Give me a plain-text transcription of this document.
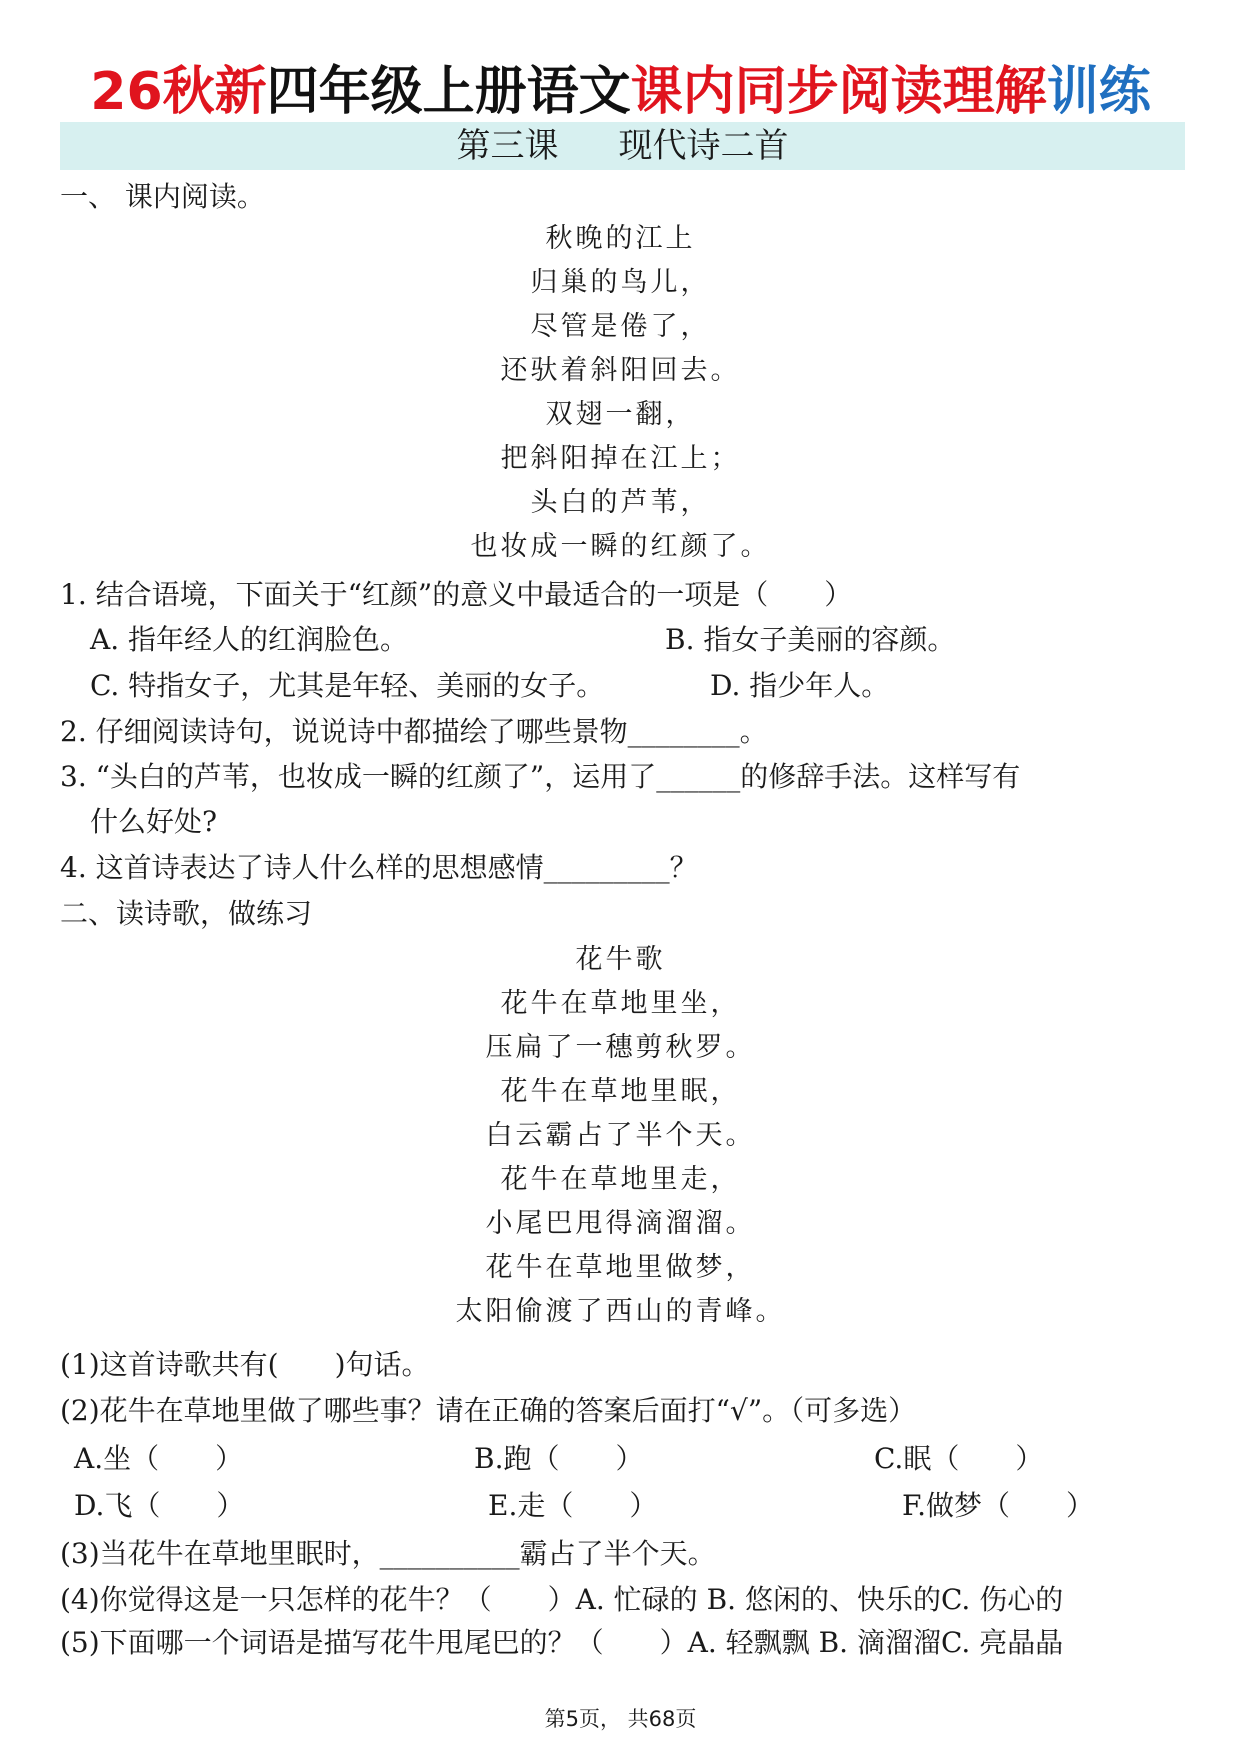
26秋新四年级上册语文课内同步阅读理解训练
第三课 现代诗二首
一、 课内阅读。
秋晚的江上
归巢的鸟儿，
尽管是倦了，
还驮着斜阳回去。
双翅一翻，
把斜阳掉在江上；
头白的芦苇，
也妆成一瞬的红颜了。
1. 结合语境，下面关于“红颜”的意义中最适合的一项是（　　）
A. 指年经人的红润脸色。	B. 指女子美丽的容颜。
C. 特指女子，尤其是年轻、美丽的女子。	D. 指少年人。
2. 仔细阅读诗句，说说诗中都描绘了哪些景物________。
3. “头白的芦苇，也妆成一瞬的红颜了”，运用了______的修辞手法。这样写有
什么好处?
4. 这首诗表达了诗人什么样的思想感情_________？
二、读诗歌，做练习
花牛歌
花牛在草地里坐，
压扁了一穗剪秋罗。
花牛在草地里眠，
白云霸占了半个天。
花牛在草地里走，
小尾巴甩得滴溜溜。
花牛在草地里做梦，
太阳偷渡了西山的青峰。
(1)这首诗歌共有(　　)句话。
(2)花牛在草地里做了哪些事？请在正确的答案后面打“√”。（可多选）
A.坐（　　）	B.跑（　　）	C.眠（　　）
D.飞（　　）	E.走（　　）	F.做梦（　　）
(3)当花牛在草地里眠时，__________霸占了半个天。
(4)你觉得这是一只怎样的花牛？（　　）A. 忙碌的 B. 悠闲的、快乐的C. 伤心的
(5)下面哪一个词语是描写花牛甩尾巴的？（　　）A. 轻飘飘 B. 滴溜溜C. 亮晶晶
第5页， 共68页
